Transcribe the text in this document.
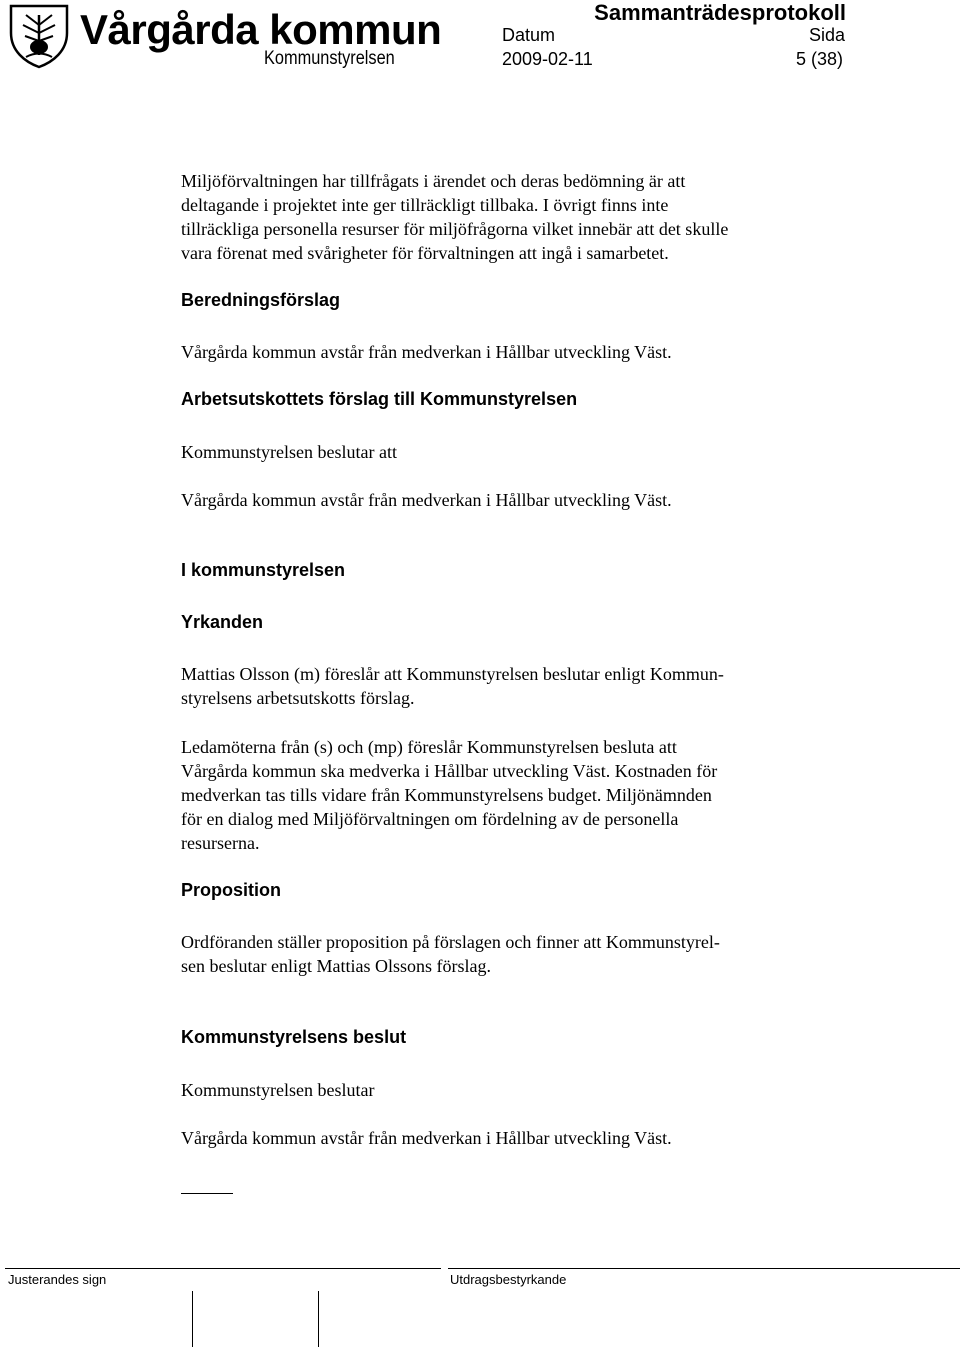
Vårgårda kommun	Sammanträdesprotokoll
Datum	Sida
Kommunstyrelsen	2009-02-11	5 (38)

Miljöförvaltningen har tillfrågats i ärendet och deras bedömning är att

deltagande i projektet inte ger tillräckligt tillbaka. I övrigt finns inte

tillräckliga personella resurser för miljöfrågorna vilket innebär att det skulle

vara förenat med svårigheter för förvaltningen att ingå i samarbetet.

Beredningsförslag

Vårgårda kommun avstår från medverkan i Hållbar utveckling Väst.

Arbetsutskottets förslag till Kommunstyrelsen

Kommunstyrelsen beslutar att

Vårgårda kommun avstår från medverkan i Hållbar utveckling Väst.

I kommunstyrelsen
Yrkanden

Mattias Olsson (m) föreslår att Kommunstyrelsen beslutar enligt Kommun-

styrelsens arbetsutskotts förslag.

Ledamöterna från (s) och (mp) föreslår Kommunstyrelsen besluta att

Vårgårda kommun ska medverka i Hållbar utveckling Väst. Kostnaden för

medverkan tas tills vidare från Kommunstyrelsens budget. Miljönämnden

för en dialog med Miljöförvaltningen om fördelning av de personella

resurserna.

Proposition

Ordföranden ställer proposition på förslagen och finner att Kommunstyrel-

sen beslutar enligt Mattias Olssons förslag.

Kommunstyrelsens beslut

Kommunstyrelsen beslutar

Vårgårda kommun avstår från medverkan i Hållbar utveckling Väst.

Justerandes sign	Utdragsbestyrkande
